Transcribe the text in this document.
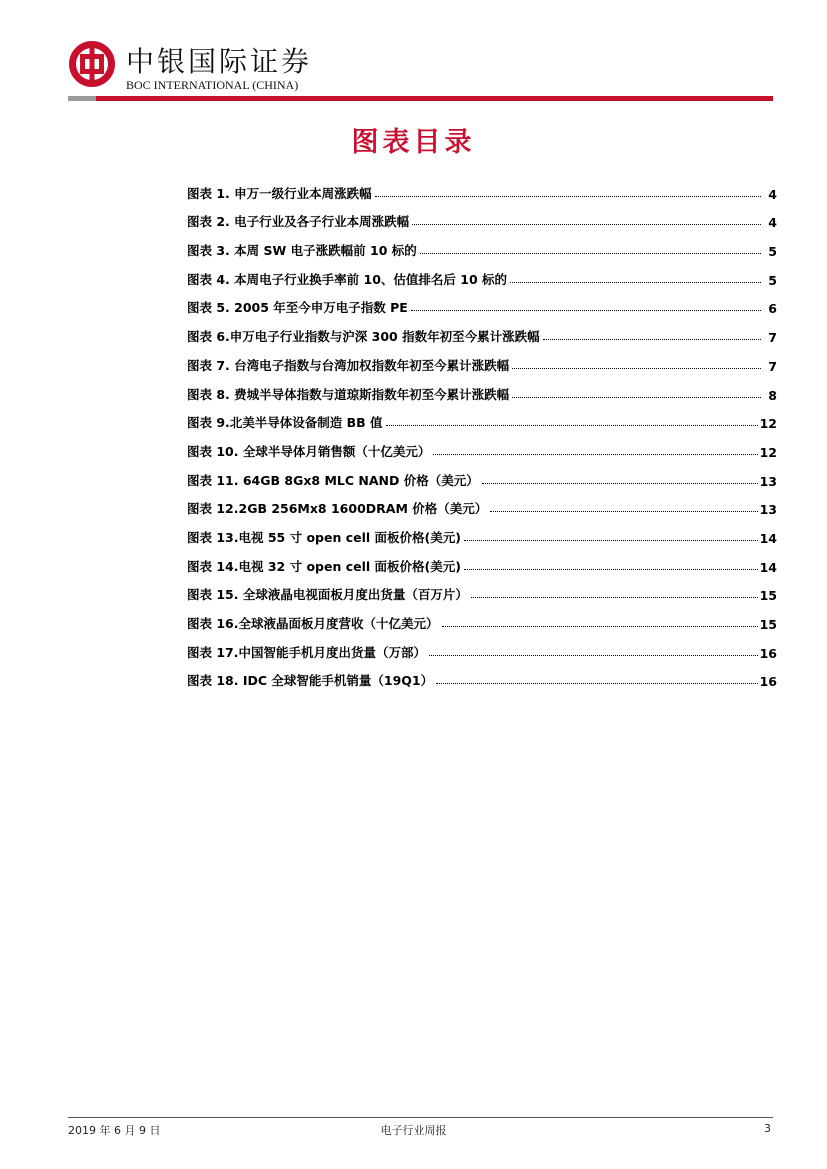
中银国际证券
BOC INTERNATIONAL (CHINA)
图表目录
图表 1. 申万一级行业本周涨跌幅	4
图表 2. 电子行业及各子行业本周涨跌幅	4
图表 3. 本周 SW 电子涨跌幅前 10 标的	5
图表 4. 本周电子行业换手率前 10、估值排名后 10 标的	5
图表 5. 2005 年至今申万电子指数 PE	6
图表 6.申万电子行业指数与沪深 300 指数年初至今累计涨跌幅	7
图表 7. 台湾电子指数与台湾加权指数年初至今累计涨跌幅	7
图表 8. 费城半导体指数与道琼斯指数年初至今累计涨跌幅	8
图表 9.北美半导体设备制造 BB 值	12
图表 10. 全球半导体月销售额（十亿美元）	12
图表 11. 64GB 8Gx8 MLC NAND 价格（美元）	13
图表 12.2GB 256Mx8 1600DRAM 价格（美元）	13
图表 13.电视 55 寸 open cell 面板价格(美元)	14
图表 14.电视 32 寸 open cell 面板价格(美元)	14
图表 15. 全球液晶电视面板月度出货量（百万片）	15
图表 16.全球液晶面板月度营收（十亿美元）	15
图表 17.中国智能手机月度出货量（万部）	16
图表 18. IDC 全球智能手机销量（19Q1）	16
2019 年 6 月 9 日	电子行业周报	3
